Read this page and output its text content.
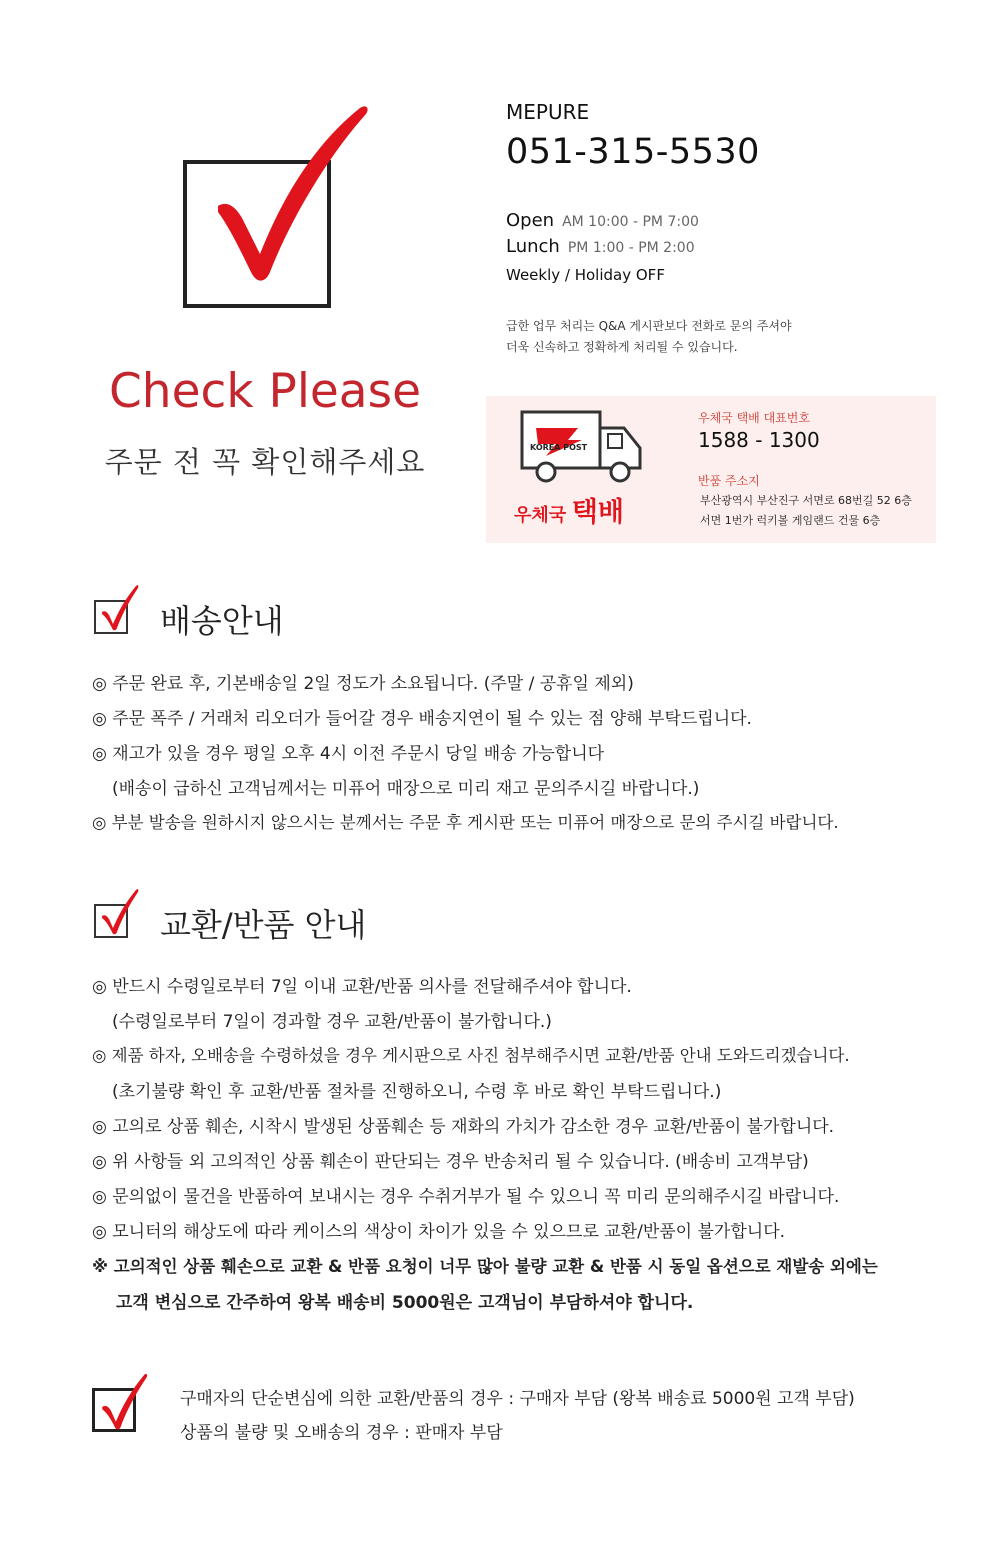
Check Please
주문 전 꼭 확인해주세요
MEPURE
051-315-5530
Open AM 10:00 - PM 7:00
Lunch PM 1:00 - PM 2:00
Weekly / Holiday OFF
급한 업무 처리는 Q&A 게시판보다 전화로 문의 주셔야
더욱 신속하고 정확하게 처리될 수 있습니다.
KOREA POST
우체국 택배
우체국 택배 대표번호
1588 - 1300
반품 주소지
부산광역시 부산진구 서면로 68번길 52 6층
서면 1번가 럭키볼 게임랜드 건물 6층
배송안내
◎ 주문 완료 후, 기본배송일 2일 정도가 소요됩니다. (주말 / 공휴일 제외)
◎ 주문 폭주 / 거래처 리오더가 들어갈 경우 배송지연이 될 수 있는 점 양해 부탁드립니다.
◎ 재고가 있을 경우 평일 오후 4시 이전 주문시 당일 배송 가능합니다
(배송이 급하신 고객님께서는 미퓨어 매장으로 미리 재고 문의주시길 바랍니다.)
◎ 부분 발송을 원하시지 않으시는 분께서는 주문 후 게시판 또는 미퓨어 매장으로 문의 주시길 바랍니다.
교환/반품 안내
◎ 반드시 수령일로부터 7일 이내 교환/반품 의사를 전달해주셔야 합니다.
(수령일로부터 7일이 경과할 경우 교환/반품이 불가합니다.)
◎ 제품 하자, 오배송을 수령하셨을 경우 게시판으로 사진 첨부해주시면 교환/반품 안내 도와드리겠습니다.
(초기불량 확인 후 교환/반품 절차를 진행하오니, 수령 후 바로 확인 부탁드립니다.)
◎ 고의로 상품 훼손, 시착시 발생된 상품훼손 등 재화의 가치가 감소한 경우 교환/반품이 불가합니다.
◎ 위 사항들 외 고의적인 상품 훼손이 판단되는 경우 반송처리 될 수 있습니다. (배송비 고객부담)
◎ 문의없이 물건을 반품하여 보내시는 경우 수취거부가 될 수 있으니 꼭 미리 문의해주시길 바랍니다.
◎ 모니터의 해상도에 따라 케이스의 색상이 차이가 있을 수 있으므로 교환/반품이 불가합니다.
※ 고의적인 상품 훼손으로 교환 & 반품 요청이 너무 많아 불량 교환 & 반품 시 동일 옵션으로 재발송 외에는
고객 변심으로 간주하여 왕복 배송비 5000원은 고객님이 부담하셔야 합니다.
구매자의 단순변심에 의한 교환/반품의 경우 : 구매자 부담 (왕복 배송료 5000원 고객 부담)
상품의 불량 및 오배송의 경우 : 판매자 부담
